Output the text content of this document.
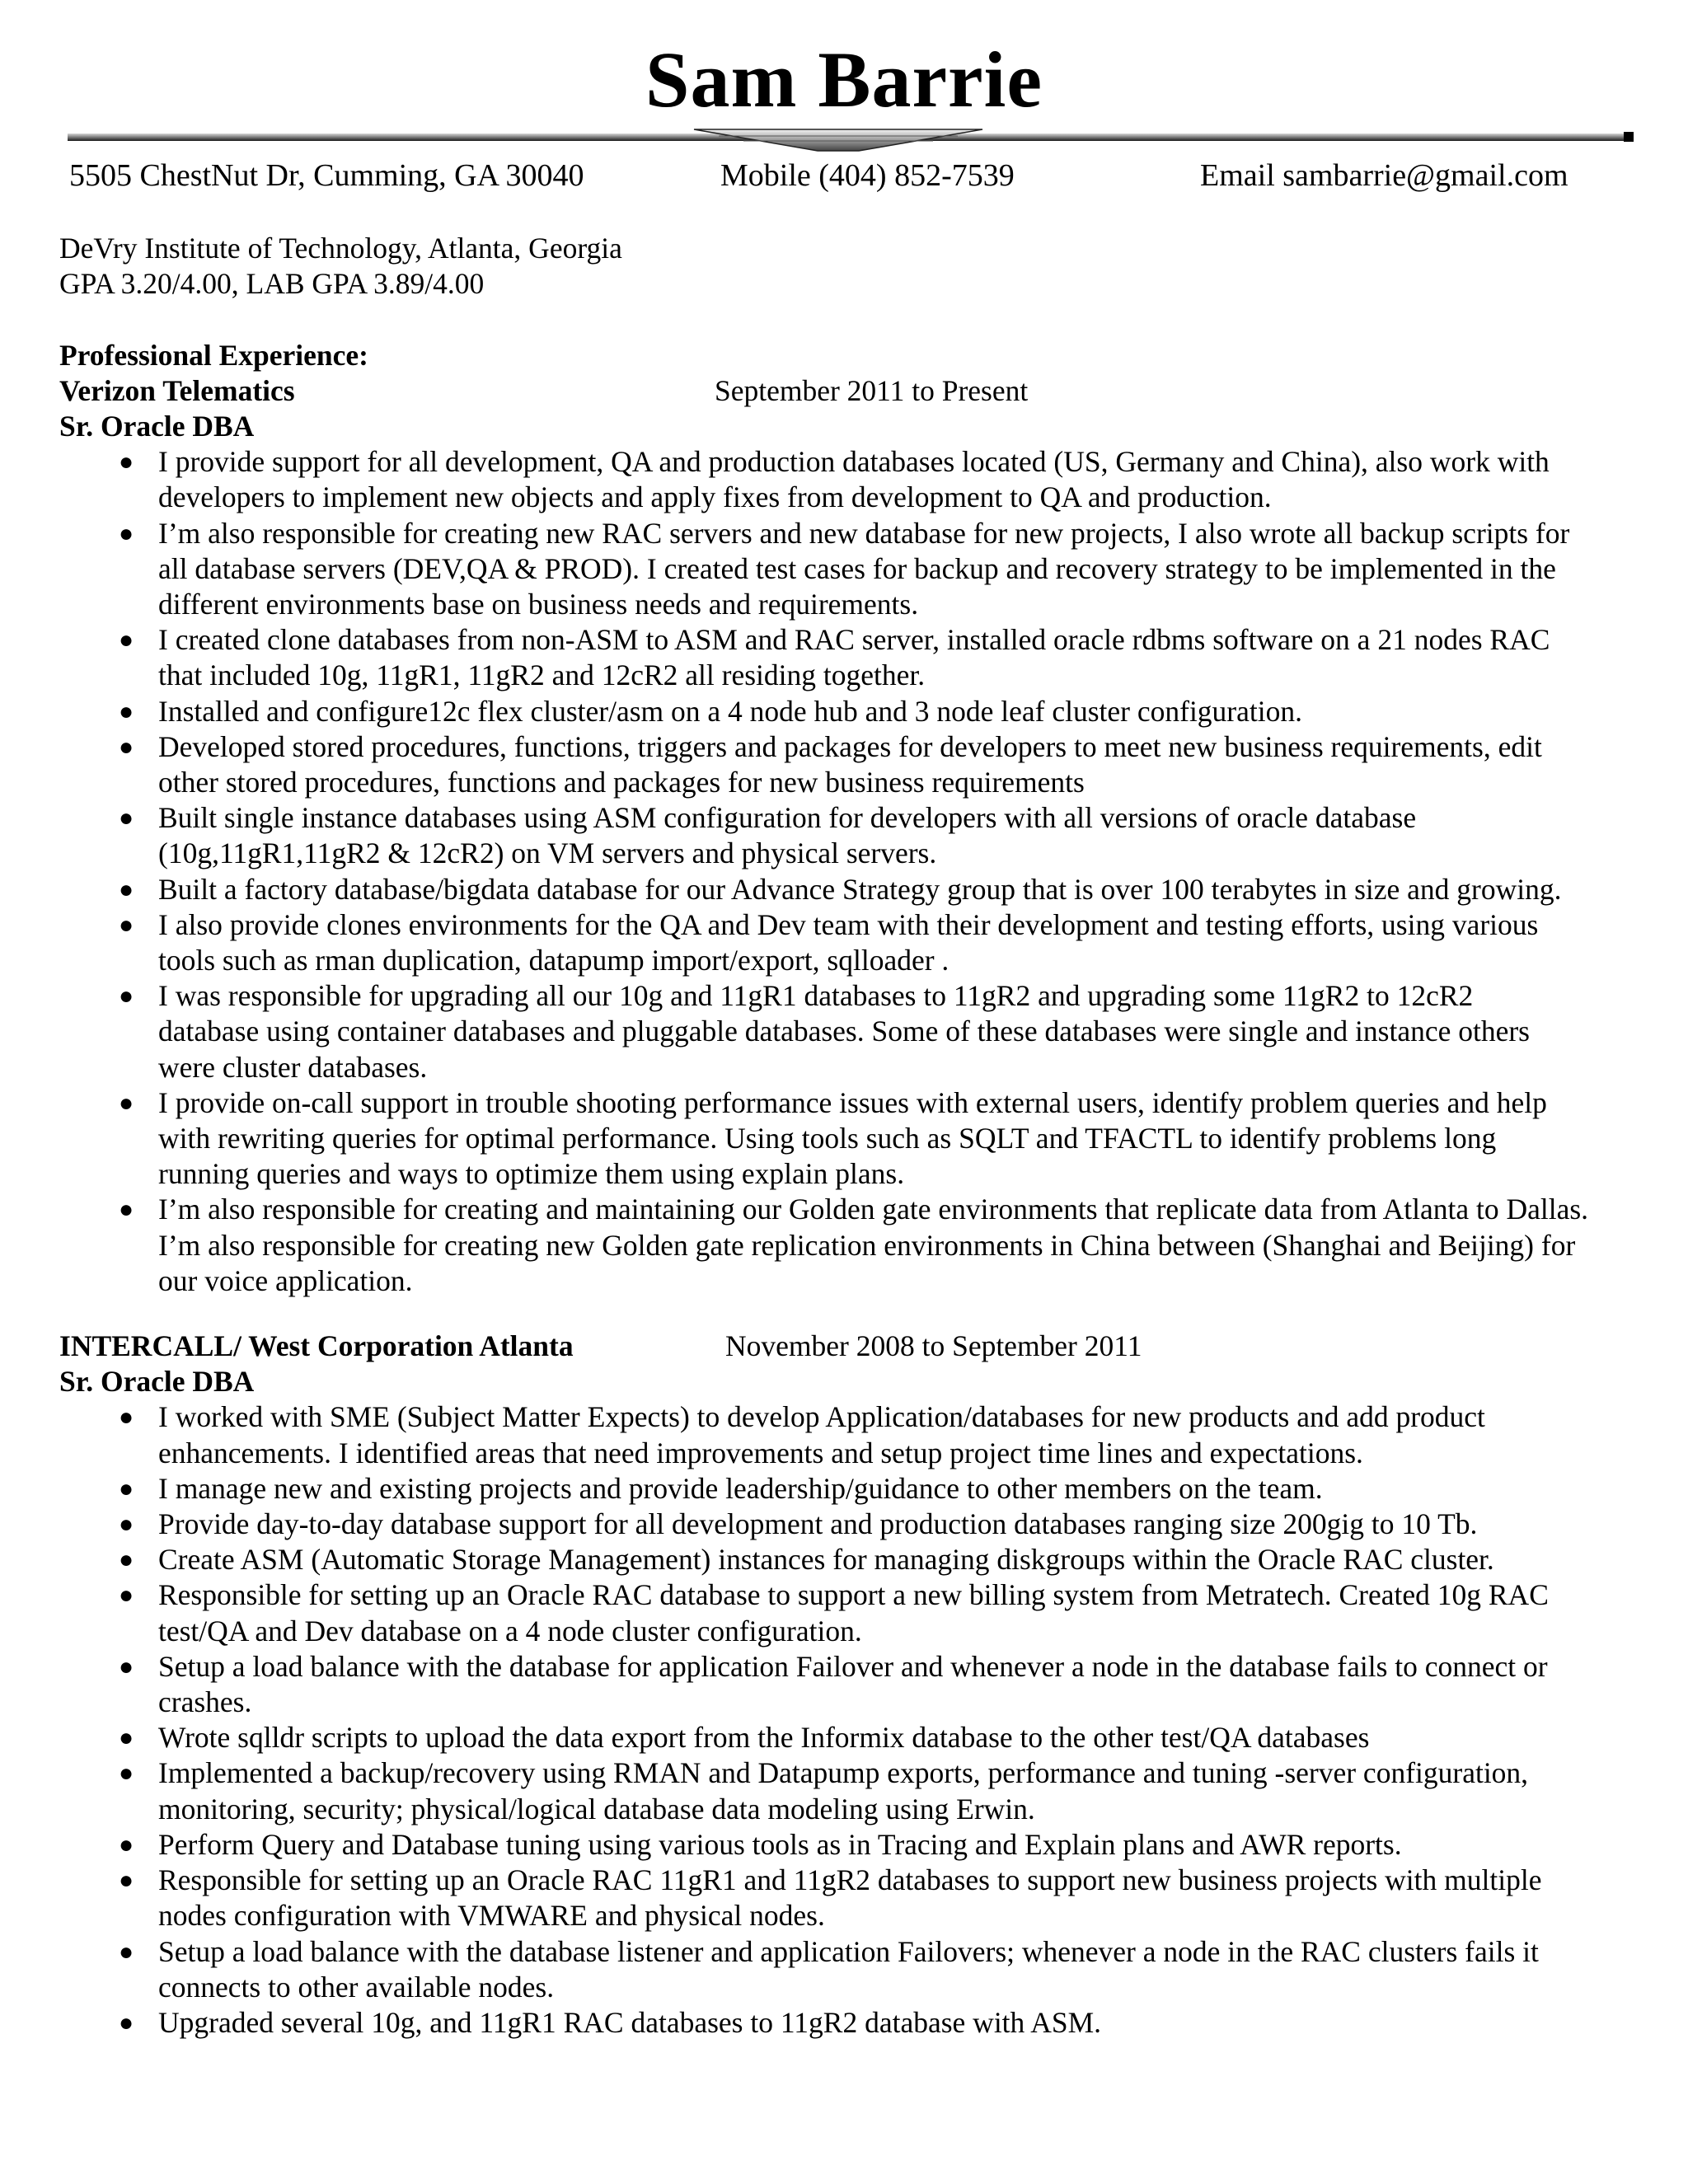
Sam Barrie
5505 ChestNut Dr, Cumming, GA 30040	Mobile (404) 852-7539	Email sambarrie@gmail.com
DeVry Institute of Technology, Atlanta, Georgia
GPA 3.20/4.00, LAB GPA 3.89/4.00
Professional Experience:
Verizon Telematics	September 2011 to Present
Sr. Oracle DBA
● I provide support for all development, QA and production databases located (US, Germany and China), also work with
developers to implement new objects and apply fixes from development to QA and production.
● I’m also responsible for creating new RAC servers and new database for new projects, I also wrote all backup scripts for
all database servers (DEV,QA & PROD). I created test cases for backup and recovery strategy to be implemented in the
different environments base on business needs and requirements.
● I created clone databases from non-ASM to ASM and RAC server, installed oracle rdbms software on a 21 nodes RAC
that included 10g, 11gR1, 11gR2 and 12cR2 all residing together.
● Installed and configure12c flex cluster/asm on a 4 node hub and 3 node leaf cluster configuration.
● Developed stored procedures, functions, triggers and packages for developers to meet new business requirements, edit
other stored procedures, functions and packages for new business requirements
● Built single instance databases using ASM configuration for developers with all versions of oracle database
(10g,11gR1,11gR2 & 12cR2) on VM servers and physical servers.
● Built a factory database/bigdata database for our Advance Strategy group that is over 100 terabytes in size and growing.
● I also provide clones environments for the QA and Dev team with their development and testing efforts, using various
tools such as rman duplication, datapump import/export, sqlloader .
● I was responsible for upgrading all our 10g and 11gR1 databases to 11gR2 and upgrading some 11gR2 to 12cR2
database using container databases and pluggable databases. Some of these databases were single and instance others
were cluster databases.
● I provide on-call support in trouble shooting performance issues with external users, identify problem queries and help
with rewriting queries for optimal performance. Using tools such as SQLT and TFACTL to identify problems long
running queries and ways to optimize them using explain plans.
● I’m also responsible for creating and maintaining our Golden gate environments that replicate data from Atlanta to Dallas.
I’m also responsible for creating new Golden gate replication environments in China between (Shanghai and Beijing) for
our voice application.
INTERCALL/ West Corporation Atlanta	November 2008 to September 2011
Sr. Oracle DBA
● I worked with SME (Subject Matter Expects) to develop Application/databases for new products and add product
enhancements. I identified areas that need improvements and setup project time lines and expectations.
● I manage new and existing projects and provide leadership/guidance to other members on the team.
● Provide day-to-day database support for all development and production databases ranging size 200gig to 10 Tb.
● Create ASM (Automatic Storage Management) instances for managing diskgroups within the Oracle RAC cluster.
● Responsible for setting up an Oracle RAC database to support a new billing system from Metratech. Created 10g RAC
test/QA and Dev database on a 4 node cluster configuration.
● Setup a load balance with the database for application Failover and whenever a node in the database fails to connect or
crashes.
● Wrote sqlldr scripts to upload the data export from the Informix database to the other test/QA databases
● Implemented a backup/recovery using RMAN and Datapump exports, performance and tuning -server configuration,
monitoring, security; physical/logical database data modeling using Erwin.
● Perform Query and Database tuning using various tools as in Tracing and Explain plans and AWR reports.
● Responsible for setting up an Oracle RAC 11gR1 and 11gR2 databases to support new business projects with multiple
nodes configuration with VMWARE and physical nodes.
● Setup a load balance with the database listener and application Failovers; whenever a node in the RAC clusters fails it
connects to other available nodes.
● Upgraded several 10g, and 11gR1 RAC databases to 11gR2 database with ASM.
